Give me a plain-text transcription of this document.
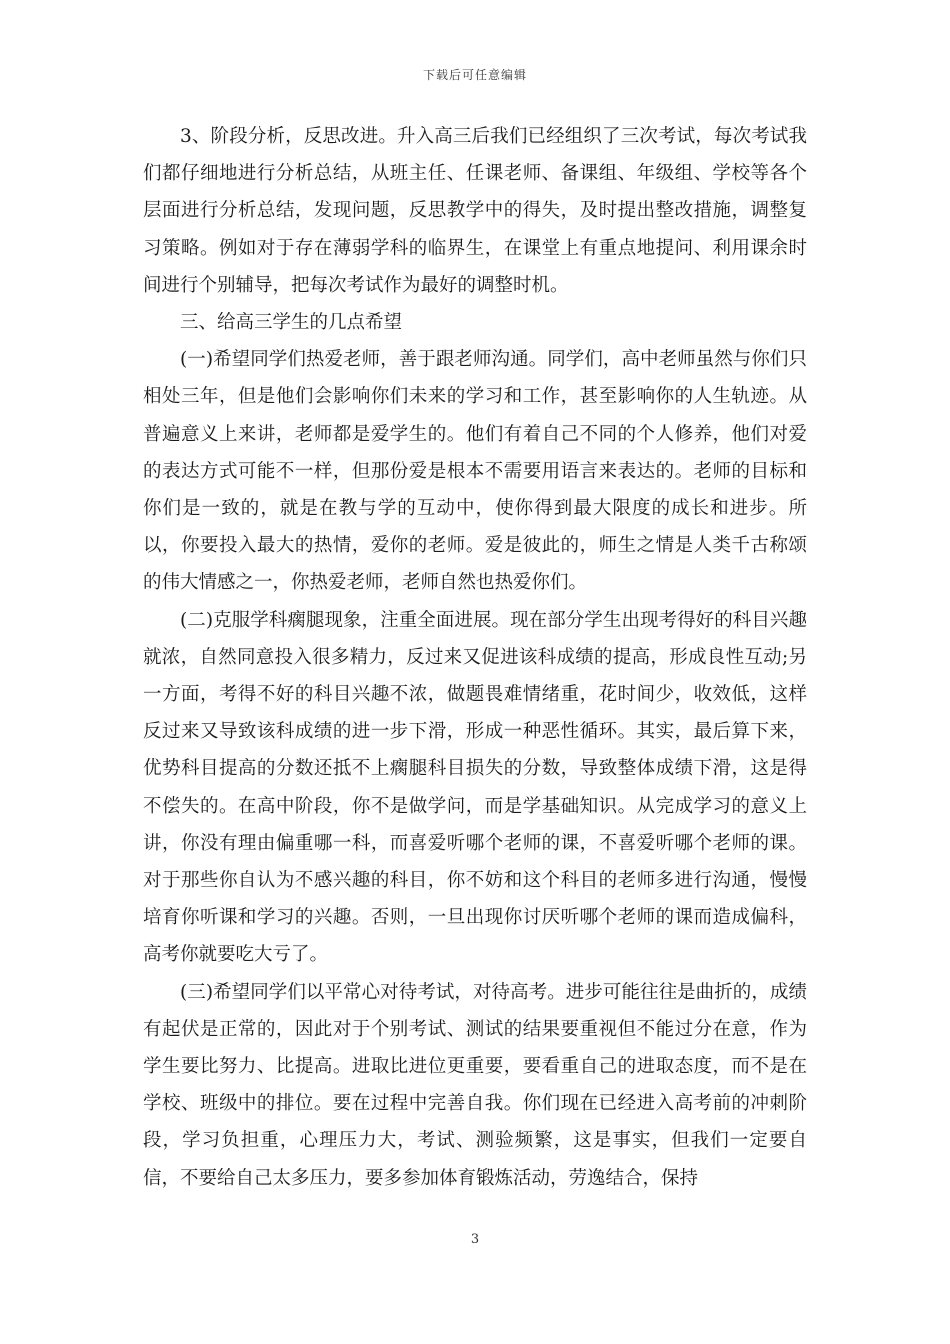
下载后可任意编辑

3、阶段分析，反思改进。升入高三后我们已经组织了三次考试，每次考试我们都仔细地进行分析总结，从班主任、任课老师、备课组、年级组、学校等各个层面进行分析总结，发现问题，反思教学中的得失，及时提出整改措施，调整复习策略。例如对于存在薄弱学科的临界生，在课堂上有重点地提问、利用课余时间进行个别辅导，把每次考试作为最好的调整时机。

三、给高三学生的几点希望

(一)希望同学们热爱老师，善于跟老师沟通。同学们，高中老师虽然与你们只相处三年，但是他们会影响你们未来的学习和工作，甚至影响你的人生轨迹。从普遍意义上来讲，老师都是爱学生的。他们有着自己不同的个人修养，他们对爱的表达方式可能不一样，但那份爱是根本不需要用语言来表达的。老师的目标和你们是一致的，就是在教与学的互动中，使你得到最大限度的成长和进步。所以，你要投入最大的热情，爱你的老师。爱是彼此的，师生之情是人类千古称颂的伟大情感之一，你热爱老师，老师自然也热爱你们。

(二)克服学科瘸腿现象，注重全面进展。现在部分学生出现考得好的科目兴趣就浓，自然同意投入很多精力，反过来又促进该科成绩的提高，形成良性互动;另一方面，考得不好的科目兴趣不浓，做题畏难情绪重，花时间少，收效低，这样反过来又导致该科成绩的进一步下滑，形成一种恶性循环。其实，最后算下来，优势科目提高的分数还抵不上瘸腿科目损失的分数，导致整体成绩下滑，这是得不偿失的。在高中阶段，你不是做学问，而是学基础知识。从完成学习的意义上讲，你没有理由偏重哪一科，而喜爱听哪个老师的课，不喜爱听哪个老师的课。对于那些你自认为不感兴趣的科目，你不妨和这个科目的老师多进行沟通，慢慢培育你听课和学习的兴趣。否则，一旦出现你讨厌听哪个老师的课而造成偏科，高考你就要吃大亏了。

(三)希望同学们以平常心对待考试，对待高考。进步可能往往是曲折的，成绩有起伏是正常的，因此对于个别考试、测试的结果要重视但不能过分在意，作为学生要比努力、比提高。进取比进位更重要，要看重自己的进取态度，而不是在学校、班级中的排位。要在过程中完善自我。你们现在已经进入高考前的冲刺阶段，学习负担重，心理压力大，考试、测验频繁，这是事实，但我们一定要自信，不要给自己太多压力，要多参加体育锻炼活动，劳逸结合，保持

3
